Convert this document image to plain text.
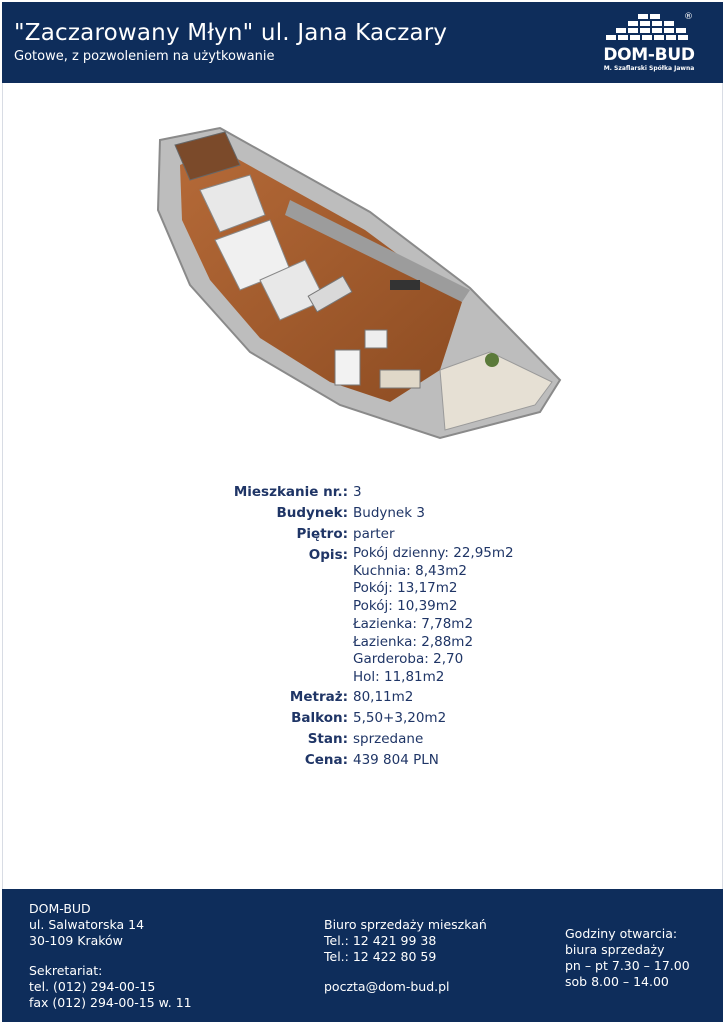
"Zaczarowany Młyn" ul. Jana Kaczary
Gotowe, z pozwoleniem na użytkowanie	DOM-BUD
M. Szaflarski Spółka Jawna
®
Mieszkanie nr.: 3
Budynek: Budynek 3
Piętro: parter
Opis: Pokój dzienny: 22,95m2
Kuchnia: 8,43m2
Pokój: 13,17m2
Pokój: 10,39m2
Łazienka: 7,78m2
Łazienka: 2,88m2
Garderoba: 2,70
Hol: 11,81m2
Metraż: 80,11m2
Balkon: 5,50+3,20m2
Stan: sprzedane
Cena: 439 804 PLN
DOM-BUD
ul. Salwatorska 14
30-109 Kraków
Sekretariat:
tel. (012) 294-00-15
fax (012) 294-00-15 w. 11
Biuro sprzedaży mieszkań
Tel.: 12 421 99 38
Tel.: 12 422 80 59
poczta@dom-bud.pl
Godziny otwarcia:
biura sprzedaży
pn – pt 7.30 – 17.00
sob 8.00 – 14.00
